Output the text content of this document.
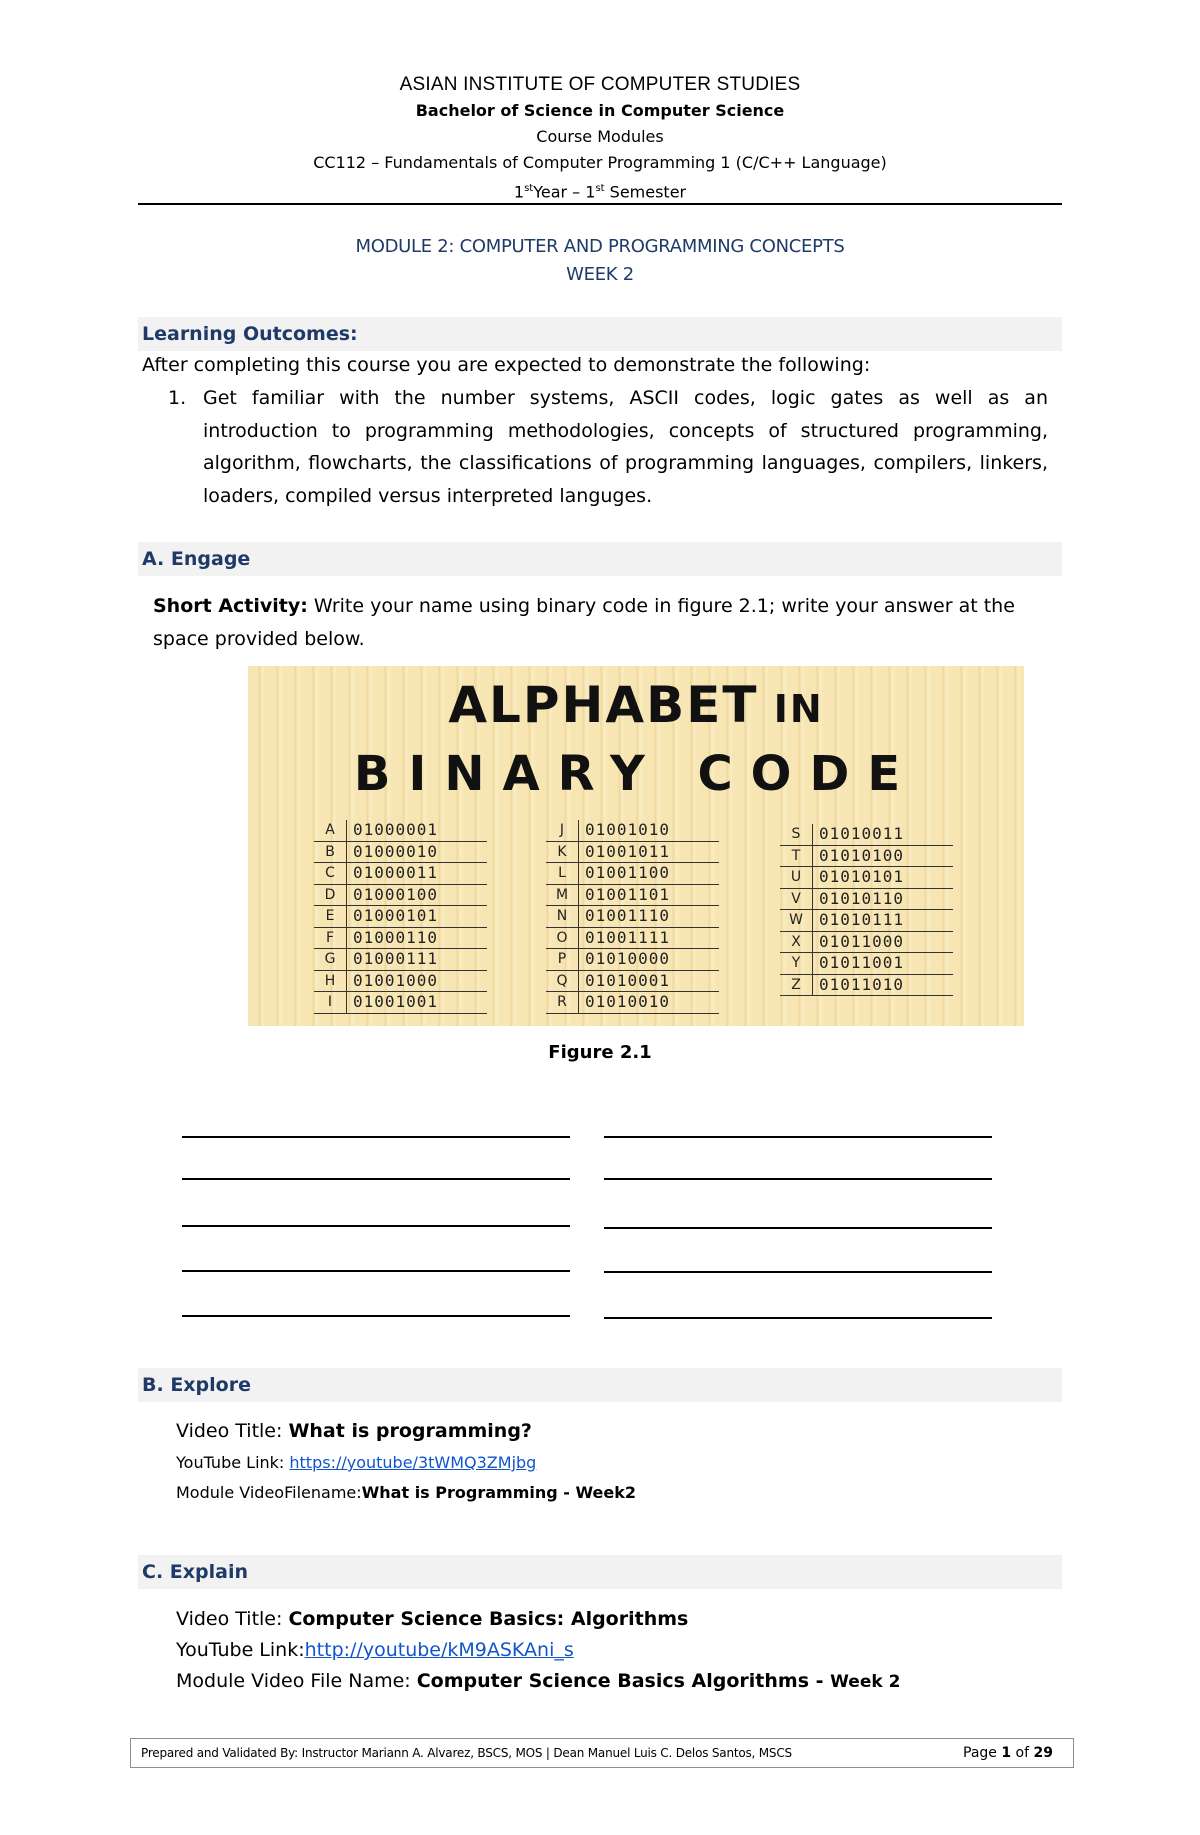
ASIAN INSTITUTE OF COMPUTER STUDIES
Bachelor of Science in Computer Science
Course Modules
CC112 – Fundamentals of Computer Programming 1 (C/C++ Language)
1stYear – 1st Semester
MODULE 2: COMPUTER AND PROGRAMMING CONCEPTS
WEEK 2
Learning Outcomes:
After completing this course you are expected to demonstrate the following:
1. Get familiar with the number systems, ASCII codes, logic gates as well as an introduction to programming methodologies, concepts of structured programming, algorithm, flowcharts, the classifications of programming languages, compilers, linkers, loaders, compiled versus interpreted languges.
A. Engage
Short Activity: Write your name using binary code in figure 2.1; write your answer at the space provided below.
ALPHABET IN
BINARY CODE
A	01000001
B	01000010
C	01000011
D	01000100
E	01000101
F	01000110
G	01000111
H	01001000
I	01001001
J	01001010
K	01001011
L	01001100
M	01001101
N	01001110
O	01001111
P	01010000
Q	01010001
R	01010010
S	01010011
T	01010100
U	01010101
V	01010110
W	01010111
X	01011000
Y	01011001
Z	01011010
Figure 2.1
B. Explore
Video Title: What is programming?
YouTube Link: https://youtube/3tWMQ3ZMjbg
Module VideoFilename:What is Programming - Week2
C. Explain
Video Title: Computer Science Basics: Algorithms
YouTube Link:http://youtube/kM9ASKAni_s
Module Video File Name: Computer Science Basics Algorithms - Week 2
Prepared and Validated By: Instructor Mariann A. Alvarez, BSCS, MOS | Dean Manuel Luis C. Delos Santos, MSCS	Page 1 of 29
